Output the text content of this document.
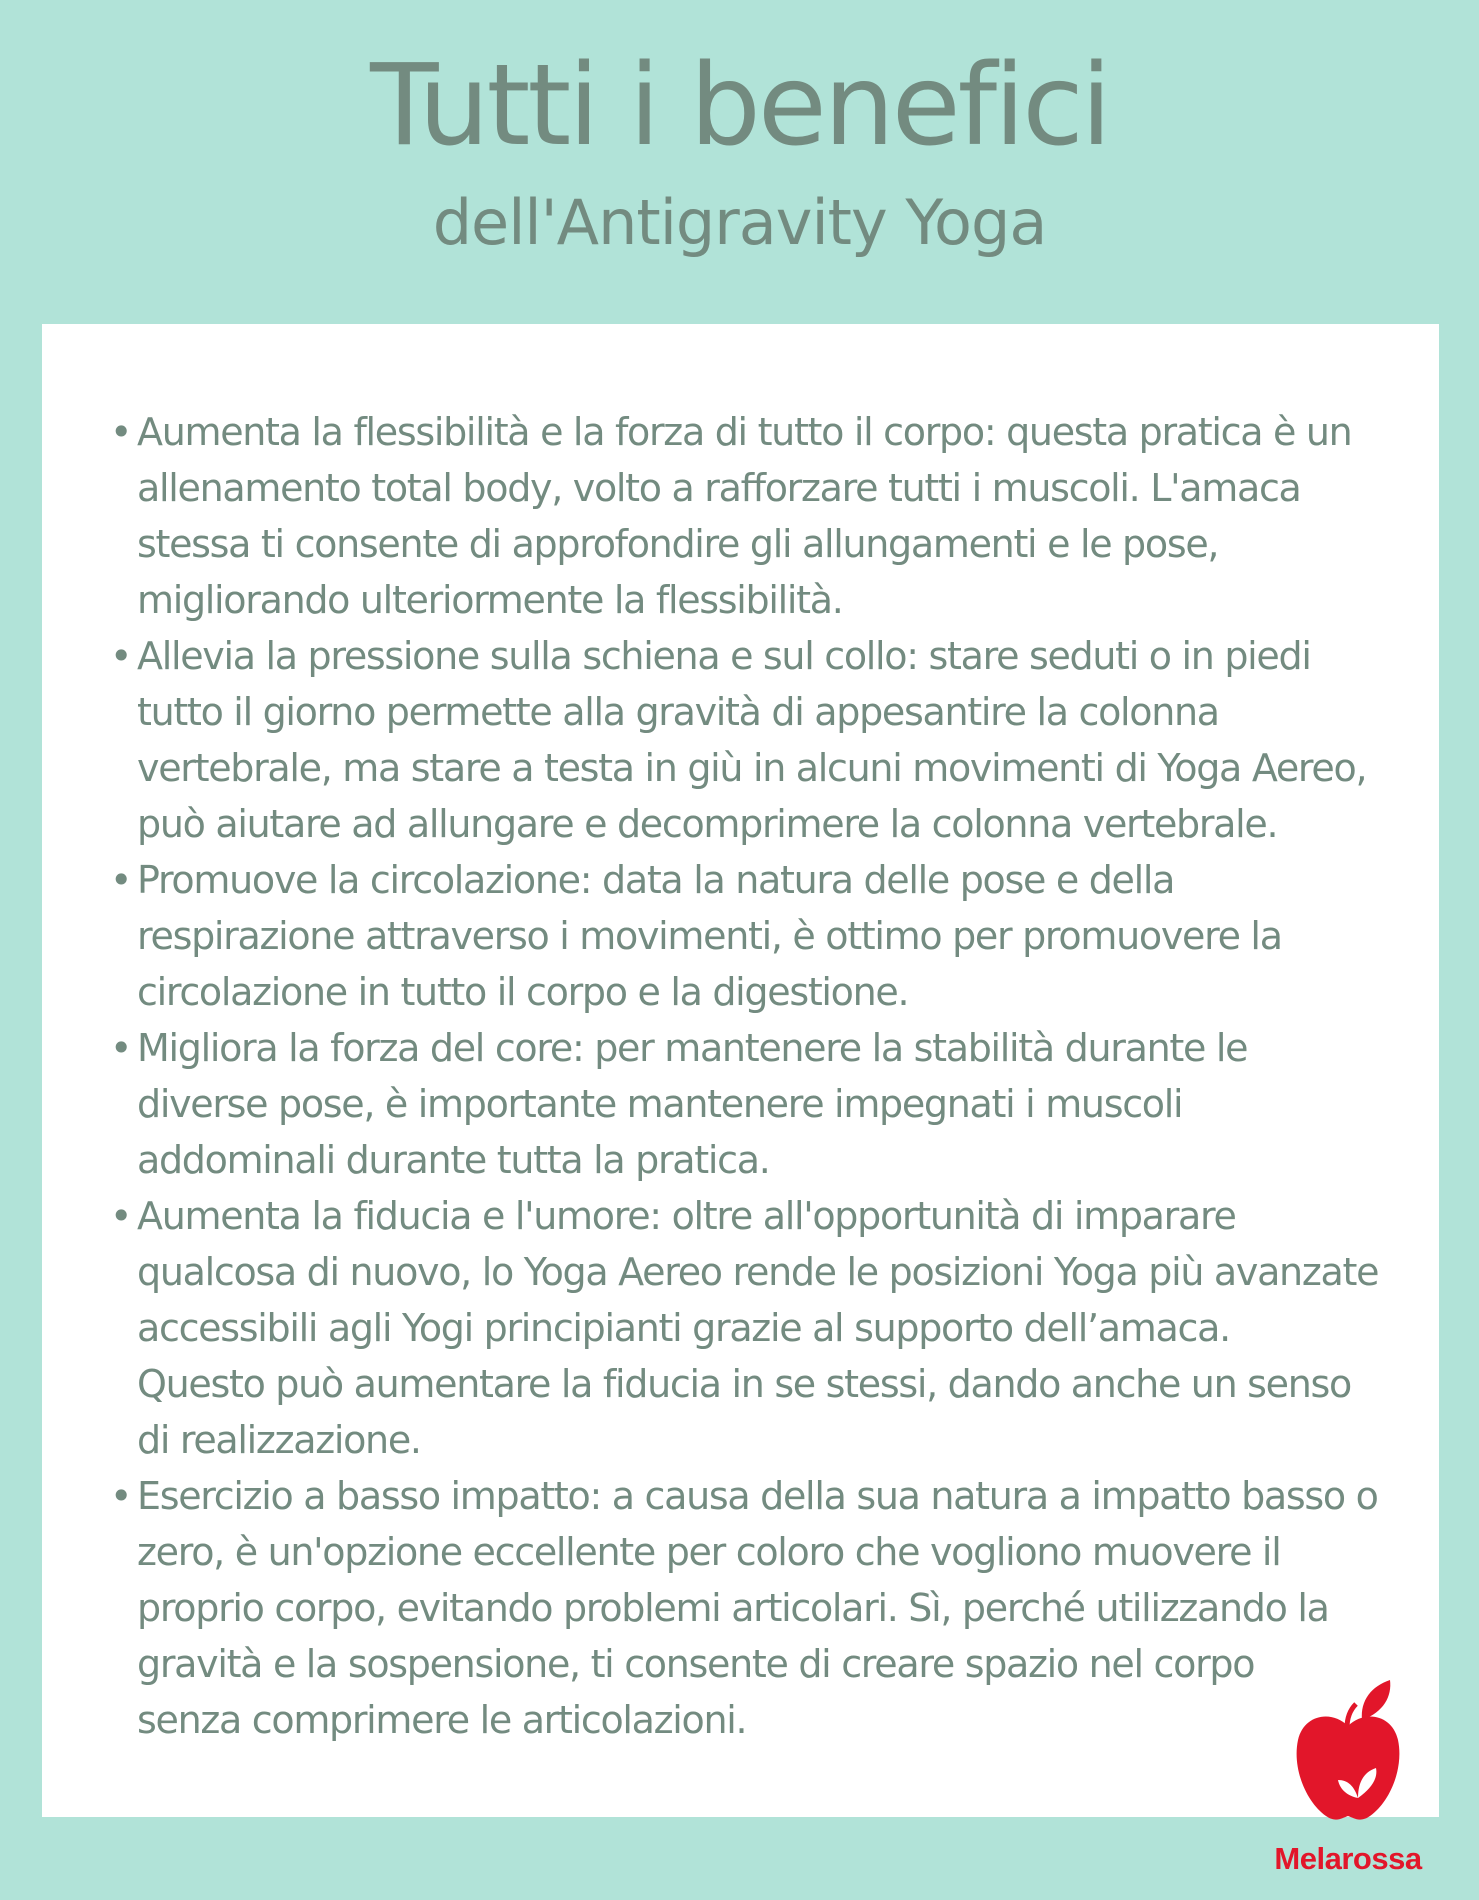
Tutti i benefici
dell'Antigravity Yoga
• Aumenta la flessibilità e la forza di tutto il corpo: questa pratica è un
allenamento total body, volto a rafforzare tutti i muscoli. L'amaca
stessa ti consente di approfondire gli allungamenti e le pose,
migliorando ulteriormente la flessibilità.
• Allevia la pressione sulla schiena e sul collo: stare seduti o in piedi
tutto il giorno permette alla gravità di appesantire la colonna
vertebrale, ma stare a testa in giù in alcuni movimenti di Yoga Aereo,
può aiutare ad allungare e decomprimere la colonna vertebrale.
• Promuove la circolazione: data la natura delle pose e della
respirazione attraverso i movimenti, è ottimo per promuovere la
circolazione in tutto il corpo e la digestione.
• Migliora la forza del core: per mantenere la stabilità durante le
diverse pose, è importante mantenere impegnati i muscoli
addominali durante tutta la pratica.
• Aumenta la fiducia e l'umore: oltre all'opportunità di imparare
qualcosa di nuovo, lo Yoga Aereo rende le posizioni Yoga più avanzate
accessibili agli Yogi principianti grazie al supporto dell’amaca.
Questo può aumentare la fiducia in se stessi, dando anche un senso
di realizzazione.
• Esercizio a basso impatto: a causa della sua natura a impatto basso o
zero, è un'opzione eccellente per coloro che vogliono muovere il
proprio corpo, evitando problemi articolari. Sì, perché utilizzando la
gravità e la sospensione, ti consente di creare spazio nel corpo
senza comprimere le articolazioni.
Melarossa
